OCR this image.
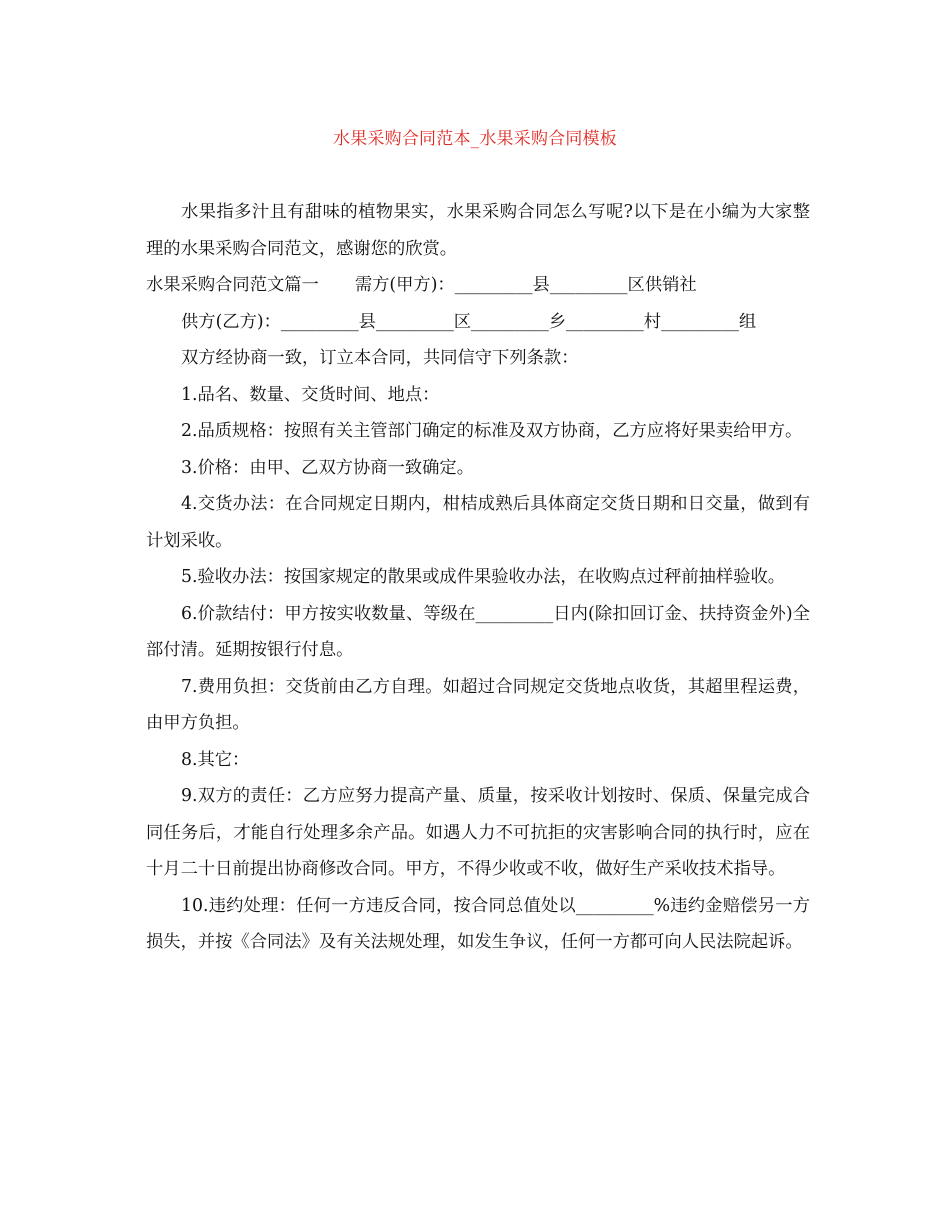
水果采购合同范本_水果采购合同模板

水果指多汁且有甜味的植物果实，水果采购合同怎么写呢?以下是在小编为大家整理的水果采购合同范文，感谢您的欣赏。

水果采购合同范文篇一 需方(甲方)：_________县_________区供销社

供方(乙方)：_________县_________区_________乡_________村_________组

双方经协商一致，订立本合同，共同信守下列条款：

1.品名、数量、交货时间、地点：

2.品质规格：按照有关主管部门确定的标准及双方协商，乙方应将好果卖给甲方。

3.价格：由甲、乙双方协商一致确定。

4.交货办法：在合同规定日期内，柑桔成熟后具体商定交货日期和日交量，做到有计划采收。

5.验收办法：按国家规定的散果或成件果验收办法，在收购点过秤前抽样验收。

6.价款结付：甲方按实收数量、等级在_________日内(除扣回订金、扶持资金外)全部付清。延期按银行付息。

7.费用负担：交货前由乙方自理。如超过合同规定交货地点收货，其超里程运费，由甲方负担。

8.其它：

9.双方的责任：乙方应努力提高产量、质量，按采收计划按时、保质、保量完成合同任务后，才能自行处理多余产品。如遇人力不可抗拒的灾害影响合同的执行时，应在十月二十日前提出协商修改合同。甲方，不得少收或不收，做好生产采收技术指导。

10.违约处理：任何一方违反合同，按合同总值处以_________%违约金赔偿另一方损失，并按《合同法》及有关法规处理，如发生争议，任何一方都可向人民法院起诉。
